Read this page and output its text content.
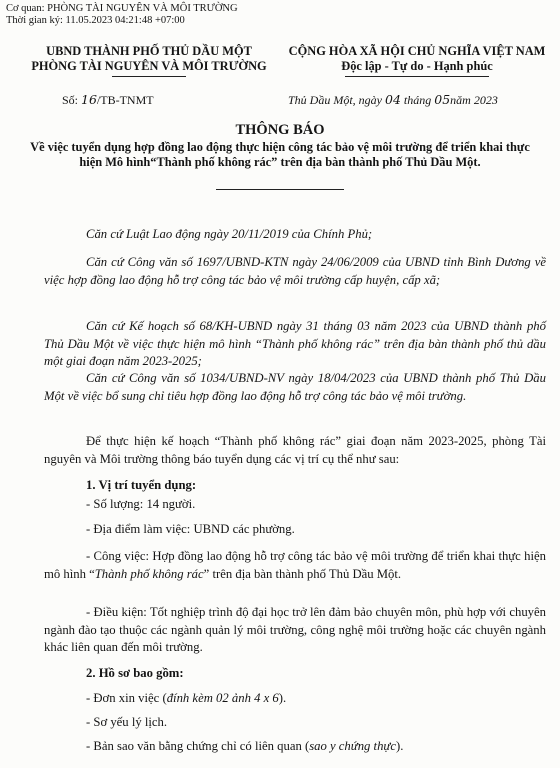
Cơ quan: PHÒNG TÀI NGUYÊN VÀ MÔI TRƯỜNG
Thời gian ký: 11.05.2023 04:21:48 +07:00
UBND THÀNH PHỐ THỦ DẦU MỘT
PHÒNG TÀI NGUYÊN VÀ MÔI TRƯỜNG
CỘNG HÒA XÃ HỘI CHỦ NGHĨA VIỆT NAM
Độc lập - Tự do - Hạnh phúc
Số: 16/TB-TNMT	Thủ Dầu Một, ngày 04 tháng 05năm 2023
THÔNG BÁO
Về việc tuyển dụng hợp đồng lao động thực hiện công tác bảo vệ môi trường để triển khai thực hiện Mô hình“Thành phố không rác” trên địa bàn thành phố Thủ Dầu Một.
Căn cứ Luật Lao động ngày 20/11/2019 của Chính Phủ;
Căn cứ Công văn số 1697/UBND-KTN ngày 24/06/2009 của UBND tỉnh Bình Dương về việc hợp đồng lao động hỗ trợ công tác bảo vệ môi trường cấp huyện, cấp xã;
Căn cứ Kế hoạch số 68/KH-UBND ngày 31 tháng 03 năm 2023 của UBND thành phố Thủ Dầu Một về việc thực hiện mô hình “Thành phố không rác” trên địa bàn thành phố thủ dầu một giai đoạn năm 2023-2025;
Căn cứ Công văn số 1034/UBND-NV ngày 18/04/2023 của UBND thành phố Thủ Dầu Một về việc bổ sung chỉ tiêu hợp đồng lao động hỗ trợ công tác bảo vệ môi trường.
Để thực hiện kế hoạch “Thành phố không rác” giai đoạn năm 2023-2025, phòng Tài nguyên và Môi trường thông báo tuyển dụng các vị trí cụ thể như sau:
1. Vị trí tuyển dụng:
- Số lượng: 14 người.
- Địa điểm làm việc: UBND các phường.
- Công việc: Hợp đồng lao động hỗ trợ công tác bảo vệ môi trường để triển khai thực hiện mô hình “Thành phố không rác” trên địa bàn thành phố Thủ Dầu Một.
- Điều kiện: Tốt nghiệp trình độ đại học trở lên đảm bảo chuyên môn, phù hợp với chuyên ngành đào tạo thuộc các ngành quản lý môi trường, công nghệ môi trường hoặc các chuyên ngành khác liên quan đến môi trường.
2. Hồ sơ bao gồm:
- Đơn xin việc (đính kèm 02 ảnh 4 x 6).
- Sơ yếu lý lịch.
- Bản sao văn bằng chứng chỉ có liên quan (sao y chứng thực).
